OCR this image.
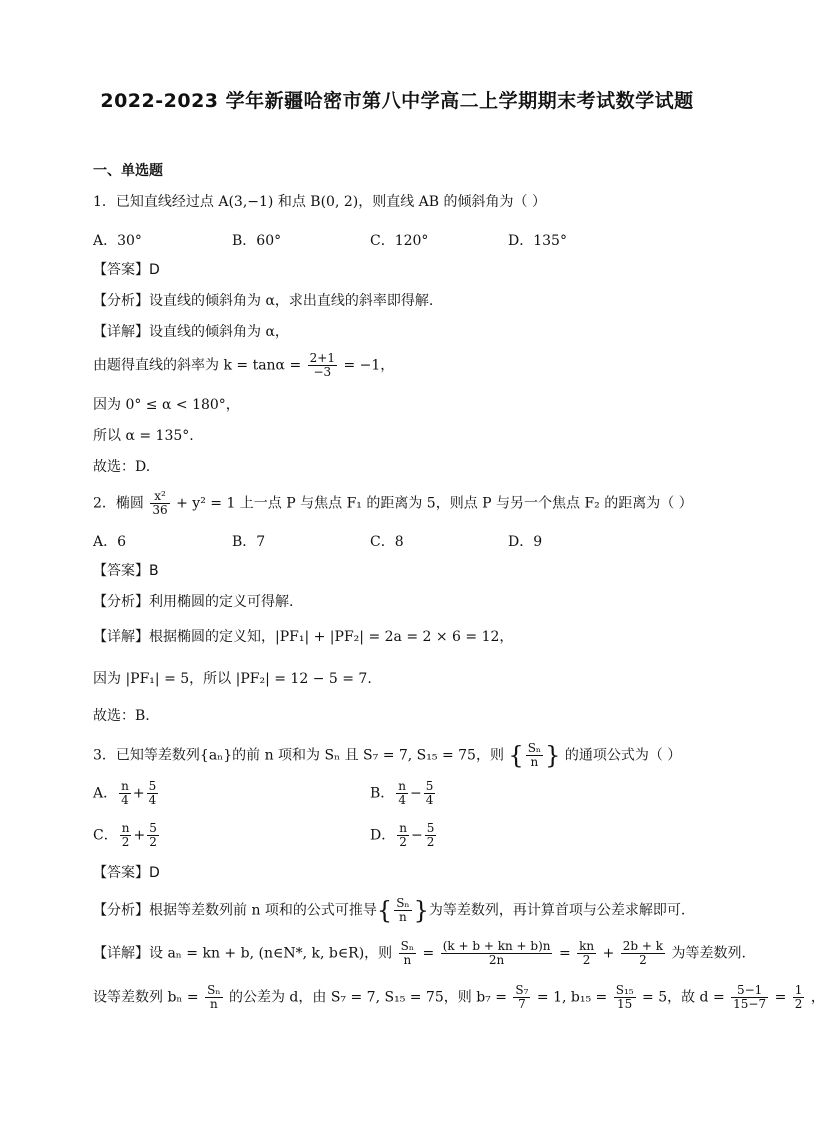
2022-2023 学年新疆哈密市第八中学高二上学期期末考试数学试题
一、单选题
1．已知直线经过点 A(3,−1) 和点 B(0, 2)，则直线 AB 的倾斜角为（ ）
A．30°	B．60°	C．120°	D．135°
【答案】D
【分析】设直线的倾斜角为 α，求出直线的斜率即得解.
【详解】设直线的倾斜角为 α，
由题得直线的斜率为 $k = \tan\alpha = \frac{2+1}{-3} = -1$，
因为 0° ≤ α < 180°，
所以 α = 135°.
故选：D.
2．椭圆 $\frac{\text{x²}}{36} + y^2 = 1$ 上一点 P 与焦点 F₁ 的距离为 5，则点 P 与另一个焦点 F₂ 的距离为（ ）
A．6	B．7	C．8	D．9
【答案】B
【分析】利用椭圆的定义可得解.
【详解】根据椭圆的定义知，|PF₁| + |PF₂| = 2a = 2 × 6 = 12，
因为 |PF₁| = 5，所以 |PF₂| = 12 − 5 = 7.
故选：B.
3．已知等差数列{aₙ}的前 n 项和为 Sₙ 且 S₇ = 7, S₁₅ = 75，则 { $\frac{\text{Sₙ}}{n}$ } 的通项公式为（ ）
A． $\frac{n}{4} + \frac{5}{4}$	B． $\frac{n}{4} - \frac{5}{4}$
C． $\frac{n}{2} + \frac{5}{2}$	D． $\frac{n}{2} - \frac{5}{2}$
【答案】D
【分析】根据等差数列前 n 项和的公式可推导{ $\frac{\text{Sₙ}}{n}$ }为等差数列，再计算首项与公差求解即可.
【详解】设 aₙ = kn + b, (n∈N*, k, b∈R)，则 $\frac{\text{Sₙ}}{n} = \frac{(k + b + kn + b)n}{2n} = \frac{kn}{2} + \frac{2b + k}{2}$ 为等差数列.
设等差数列 $b_n = \frac{\text{Sₙ}}{n}$ 的公差为 d，由 S₇ = 7, S₁₅ = 75，则 $b_7 = \frac{\text{S₇}}{7} = 1$, $b_{15} = \frac{\text{S₁₅}}{15} = 5$，故 $d = \frac{5-1}{15-7} = \frac{1}{2}$ ，
